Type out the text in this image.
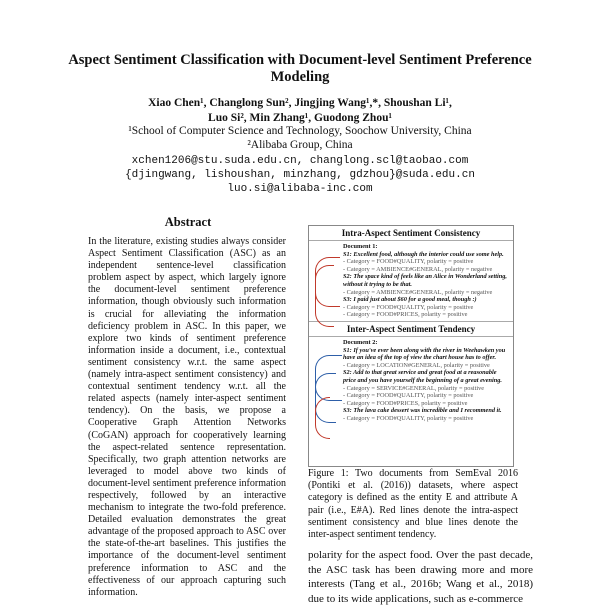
Aspect Sentiment Classification with Document-level Sentiment Preference Modeling
Xiao Chen¹, Changlong Sun², Jingjing Wang¹,*, Shoushan Li¹,
Luo Si², Min Zhang¹, Guodong Zhou¹
¹School of Computer Science and Technology, Soochow University, China
²Alibaba Group, China
xchen1206@stu.suda.edu.cn, changlong.scl@taobao.com
{djingwang, lishoushan, minzhang, gdzhou}@suda.edu.cn
luo.si@alibaba-inc.com
Abstract
In the literature, existing studies always consider Aspect Sentiment Classification (ASC) as an independent sentence-level classification problem aspect by aspect, which largely ignore the document-level sentiment preference information, though obviously such information is crucial for alleviating the information deficiency problem in ASC. In this paper, we explore two kinds of sentiment preference information inside a document, i.e., contextual sentiment consistency w.r.t. the same aspect (namely intra-aspect sentiment consistency) and contextual sentiment tendency w.r.t. all the related aspects (namely inter-aspect sentiment tendency). On the basis, we propose a Cooperative Graph Attention Networks (CoGAN) approach for cooperatively learning the aspect-related sentence representation. Specifically, two graph attention networks are leveraged to model above two kinds of document-level sentiment preference information respectively, followed by an interactive mechanism to integrate the two-fold preference. Detailed evaluation demonstrates the great advantage of the proposed approach to ASC over the state-of-the-art baselines. This justifies the importance of the document-level sentiment preference information to ASC and the effectiveness of our approach capturing such information.
Intra-Aspect Sentiment Consistency
Document 1:
S1: Excellent food, although the interior could use some help.
- Category = FOOD#QUALITY, polarity = positive
- Category = AMBIENCE#GENERAL, polarity = negative
S2: The space kind of feels like an Alice in Wonderland setting, without it trying to be that.
- Category = AMBIENCE#GENERAL, polarity = negative
S3: I paid just about $60 for a good meal, though :)
- Category = FOOD#QUALITY, polarity = positive
- Category = FOOD#PRICES, polarity = positive
Inter-Aspect Sentiment Tendency
Document 2:
S1: If you've ever been along with the river in Weehawken you have an idea of the top of view the chart house has to offer.
- Category = LOCATION#GENERAL, polarity = positive
S2: Add to that great service and great food at a reasonable price and you have yourself the beginning of a great evening.
- Category = SERVICE#GENERAL, polarity = positive
- Category = FOOD#QUALITY, polarity = positive
- Category = FOOD#PRICES, polarity = positive
S3: The lava cake dessert was incredible and I recommend it.
- Category = FOOD#QUALITY, polarity = positive
Figure 1: Two documents from SemEval 2016 (Pontiki et al. (2016)) datasets, where aspect category is defined as the entity E and attribute A pair (i.e., E#A). Red lines denote the intra-aspect sentiment consistency and blue lines denote the inter-aspect sentiment tendency.
polarity for the aspect food. Over the past decade, the ASC task has been drawing more and more interests (Tang et al., 2016b; Wang et al., 2018) due to its wide applications, such as e-commerce
